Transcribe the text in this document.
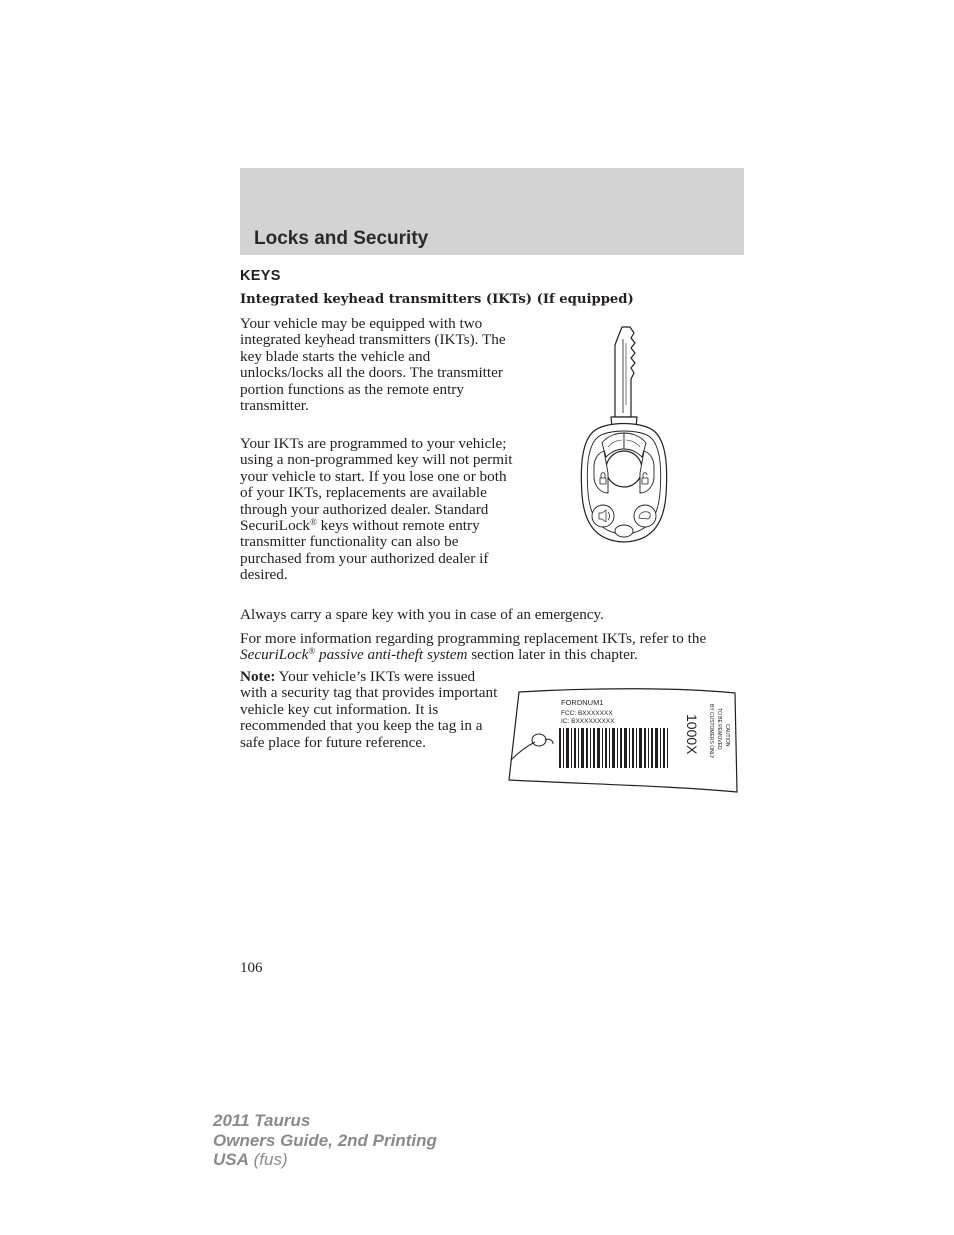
Locks and Security
KEYS
Integrated keyhead transmitters (IKTs) (If equipped)

Your vehicle may be equipped with two integrated keyhead transmitters (IKTs). The key blade starts the vehicle and unlocks/locks all the doors. The transmitter portion functions as the remote entry transmitter.

Your IKTs are programmed to your vehicle; using a non-programmed key will not permit your vehicle to start. If you lose one or both of your IKTs, replacements are available through your authorized dealer. Standard SecuriLock® keys without remote entry transmitter functionality can also be purchased from your authorized dealer if desired.

Always carry a spare key with you in case of an emergency.

For more information regarding programming replacement IKTs, refer to the SecuriLock® passive anti-theft system section later in this chapter.

Note: Your vehicle’s IKTs were issued with a security tag that provides important vehicle key cut information. It is recommended that you keep the tag in a safe place for future reference.

FORDNUM1
FCC: BXXXXXXX
IC: BXXXXXXXXX	1000X	CAUTION
TO BE REMOVED
BY CUSTOMERS ONLY
106
2011 Taurus
Owners Guide, 2nd Printing
USA (fus)
